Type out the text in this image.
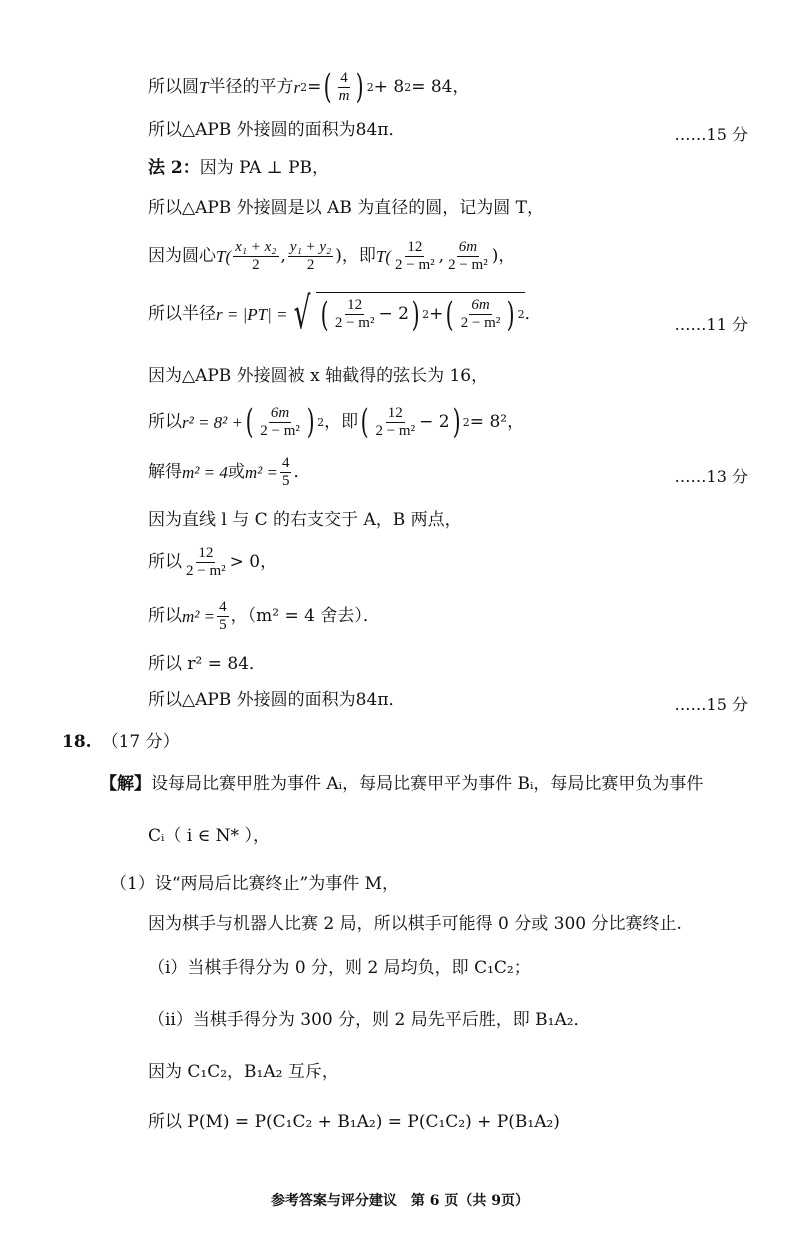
所以圆 T 半径的平方 r 2 = ( $\frac{4}{m}$ ) 2 + 8 2 = 84，
所以△APB 外接圆的面积为84π．	……15 分
法 2： 因为 PA ⊥ PB，
所以△APB 外接圆是以 AB 为直径的圆，记为圆 T，
因为圆心 $T( \frac{\text{x₁ + x₂}}{2}$ , $\frac{\text{y₁ + y₂}}{2}$ )，即 $T( \frac{12}{\text{2 − m²}}$ , $\frac{6m}{\text{2 − m²}}$ )，
所以半径 r = |PT| = √ ( $\frac{12}{\text{2 − m²}} - 2$ ) 2 + ( $\frac{6m}{\text{2 − m²}}$ ) 2 ．
……11 分
因为△APB 外接圆被 x 轴截得的弦长为 16，
所以 r² = 8² + ( $\frac{6m}{\text{2 − m²}}$ ) 2 ，即 ( $\frac{12}{\text{2 − m²}} - 2$ ) 2 = 8²，
解得 m² = 4 或 $m^2 = \frac{4}{5}$ ．	……13 分
因为直线 l 与 C 的右支交于 A，B 两点，
所以 $\frac{12}{\text{2 − m²}} > 0$，
所以 $m^2 = \frac{4}{5}$ ，（m² = 4 舍去）．
所以 r² = 84．
所以△APB 外接圆的面积为84π．	……15 分
18. （17 分）
【解】 设每局比赛甲胜为事件 Aᵢ，每局比赛甲平为事件 Bᵢ，每局比赛甲负为事件
Cᵢ（ i ∈ N* ），
（1）设“两局后比赛终止”为事件 M，
因为棋手与机器人比赛 2 局，所以棋手可能得 0 分或 300 分比赛终止.
（i）当棋手得分为 0 分，则 2 局均负，即 C₁C₂；
（ii）当棋手得分为 300 分，则 2 局先平后胜，即 B₁A₂．
因为 C₁C₂，B₁A₂ 互斥，
所以 P(M) = P(C₁C₂ + B₁A₂) = P(C₁C₂) + P(B₁A₂)
参考答案与评分建议　第 6 页（共 9页）
